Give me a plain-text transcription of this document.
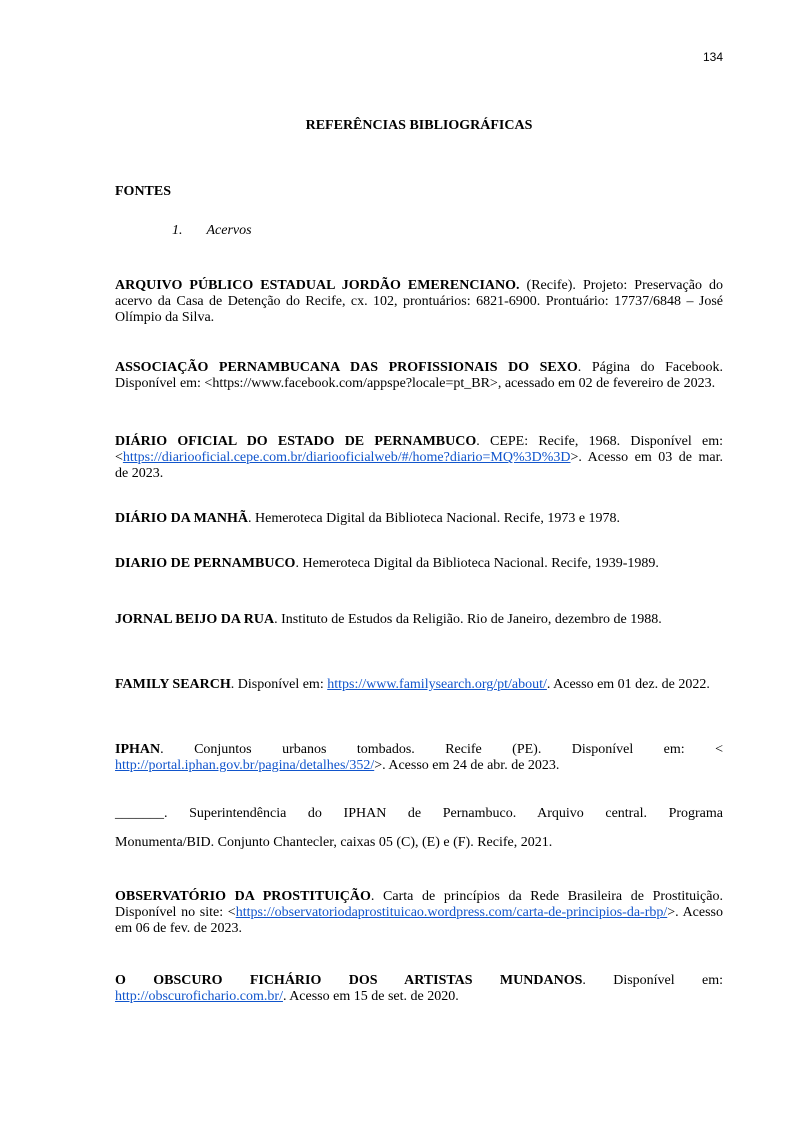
134
REFERÊNCIAS BIBLIOGRÁFICAS
FONTES
1. Acervos
ARQUIVO PÚBLICO ESTADUAL JORDÃO EMERENCIANO. (Recife). Projeto: Preservação do acervo da Casa de Detenção do Recife, cx. 102, prontuários: 6821-6900. Prontuário: 17737/6848 – José Olímpio da Silva.
ASSOCIAÇÃO PERNAMBUCANA DAS PROFISSIONAIS DO SEXO. Página do Facebook. Disponível em: <https://www.facebook.com/appspe?locale=pt_BR>, acessado em 02 de fevereiro de 2023.
DIÁRIO OFICIAL DO ESTADO DE PERNAMBUCO. CEPE: Recife, 1968. Disponível em: <https://diariooficial.cepe.com.br/diariooficialweb/#/home?diario=MQ%3D%3D>. Acesso em 03 de mar. de 2023.
DIÁRIO DA MANHÃ. Hemeroteca Digital da Biblioteca Nacional. Recife, 1973 e 1978.
DIARIO DE PERNAMBUCO. Hemeroteca Digital da Biblioteca Nacional. Recife, 1939-1989.
JORNAL BEIJO DA RUA. Instituto de Estudos da Religião. Rio de Janeiro, dezembro de 1988.
FAMILY SEARCH. Disponível em: https://www.familysearch.org/pt/about/. Acesso em 01 dez. de 2022.
IPHAN. Conjuntos urbanos tombados. Recife (PE). Disponível em: < http://portal.iphan.gov.br/pagina/detalhes/352/>. Acesso em 24 de abr. de 2023.
_______. Superintendência do IPHAN de Pernambuco. Arquivo central. Programa
Monumenta/BID. Conjunto Chantecler, caixas 05 (C), (E) e (F). Recife, 2021.
OBSERVATÓRIO DA PROSTITUIÇÃO. Carta de princípios da Rede Brasileira de Prostituição. Disponível no site: <https://observatoriodaprostituicao.wordpress.com/carta-de-principios-da-rbp/>. Acesso em 06 de fev. de 2023.
O OBSCURO FICHÁRIO DOS ARTISTAS MUNDANOS. Disponível em: http://obscurofichario.com.br/. Acesso em 15 de set. de 2020.
